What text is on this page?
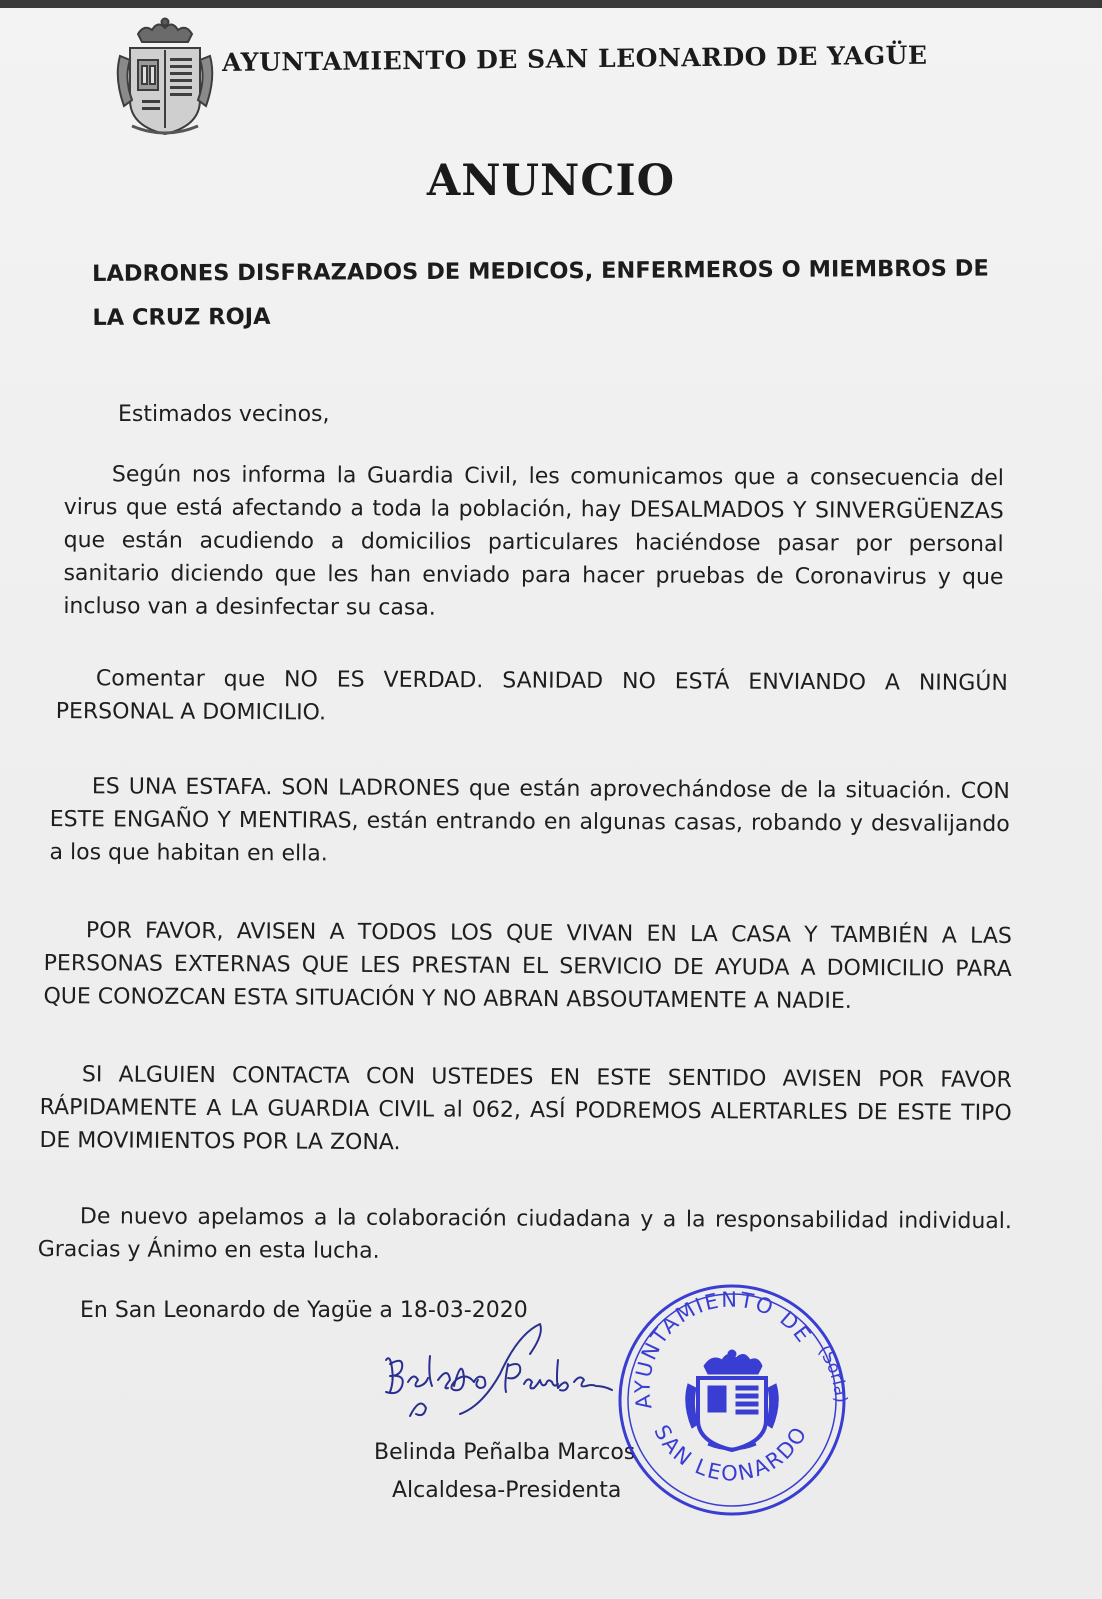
AYUNTAMIENTO DE SAN LEONARDO DE YAGÜE
ANUNCIO
LADRONES DISFRAZADOS DE MEDICOS, ENFERMEROS O MIEMBROS DE
LA CRUZ ROJA
Estimados vecinos,
Según nos informa la Guardia Civil, les comunicamos que a consecuencia del virus que está afectando a toda la población, hay DESALMADOS Y SINVERGÜENZAS que están acudiendo a domicilios particulares haciéndose pasar por personal sanitario diciendo que les han enviado para hacer pruebas de Coronavirus y que incluso van a desinfectar su casa.
Comentar que NO ES VERDAD. SANIDAD NO ESTÁ ENVIANDO A NINGÚN PERSONAL A DOMICILIO.
ES UNA ESTAFA. SON LADRONES que están aprovechándose de la situación. CON ESTE ENGAÑO Y MENTIRAS, están entrando en algunas casas, robando y desvalijando a los que habitan en ella.
POR FAVOR, AVISEN A TODOS LOS QUE VIVAN EN LA CASA Y TAMBIÉN A LAS PERSONAS EXTERNAS QUE LES PRESTAN EL SERVICIO DE AYUDA A DOMICILIO PARA QUE CONOZCAN ESTA SITUACIÓN Y NO ABRAN ABSOUTAMENTE A NADIE.
SI ALGUIEN CONTACTA CON USTEDES EN ESTE SENTIDO AVISEN POR FAVOR RÁPIDAMENTE A LA GUARDIA CIVIL al 062, ASÍ PODREMOS ALERTARLES DE ESTE TIPO DE MOVIMIENTOS POR LA ZONA.
De nuevo apelamos a la colaboración ciudadana y a la responsabilidad individual. Gracias y Ánimo en esta lucha.
En San Leonardo de Yagüe a 18-03-2020
Belinda Peñalba Marcos
Alcaldesa-Presidenta
AYUNTAMIENTO DE
SAN LEONARDO
(Soria)
